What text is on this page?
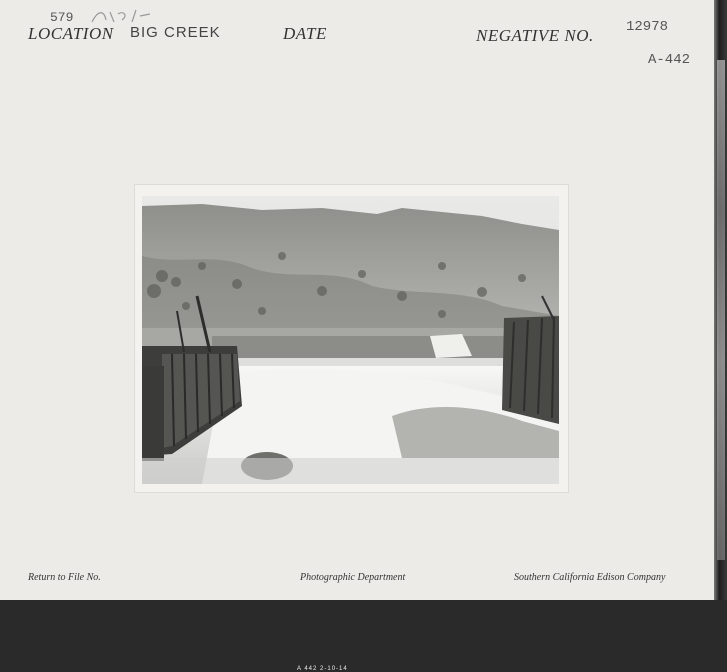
579
LOCATION BIG CREEK	DATE	NEGATIVE NO. 12978
A-442
A 442 2-10-14
Return to File No.	Photographic Department	Southern California Edison Company
